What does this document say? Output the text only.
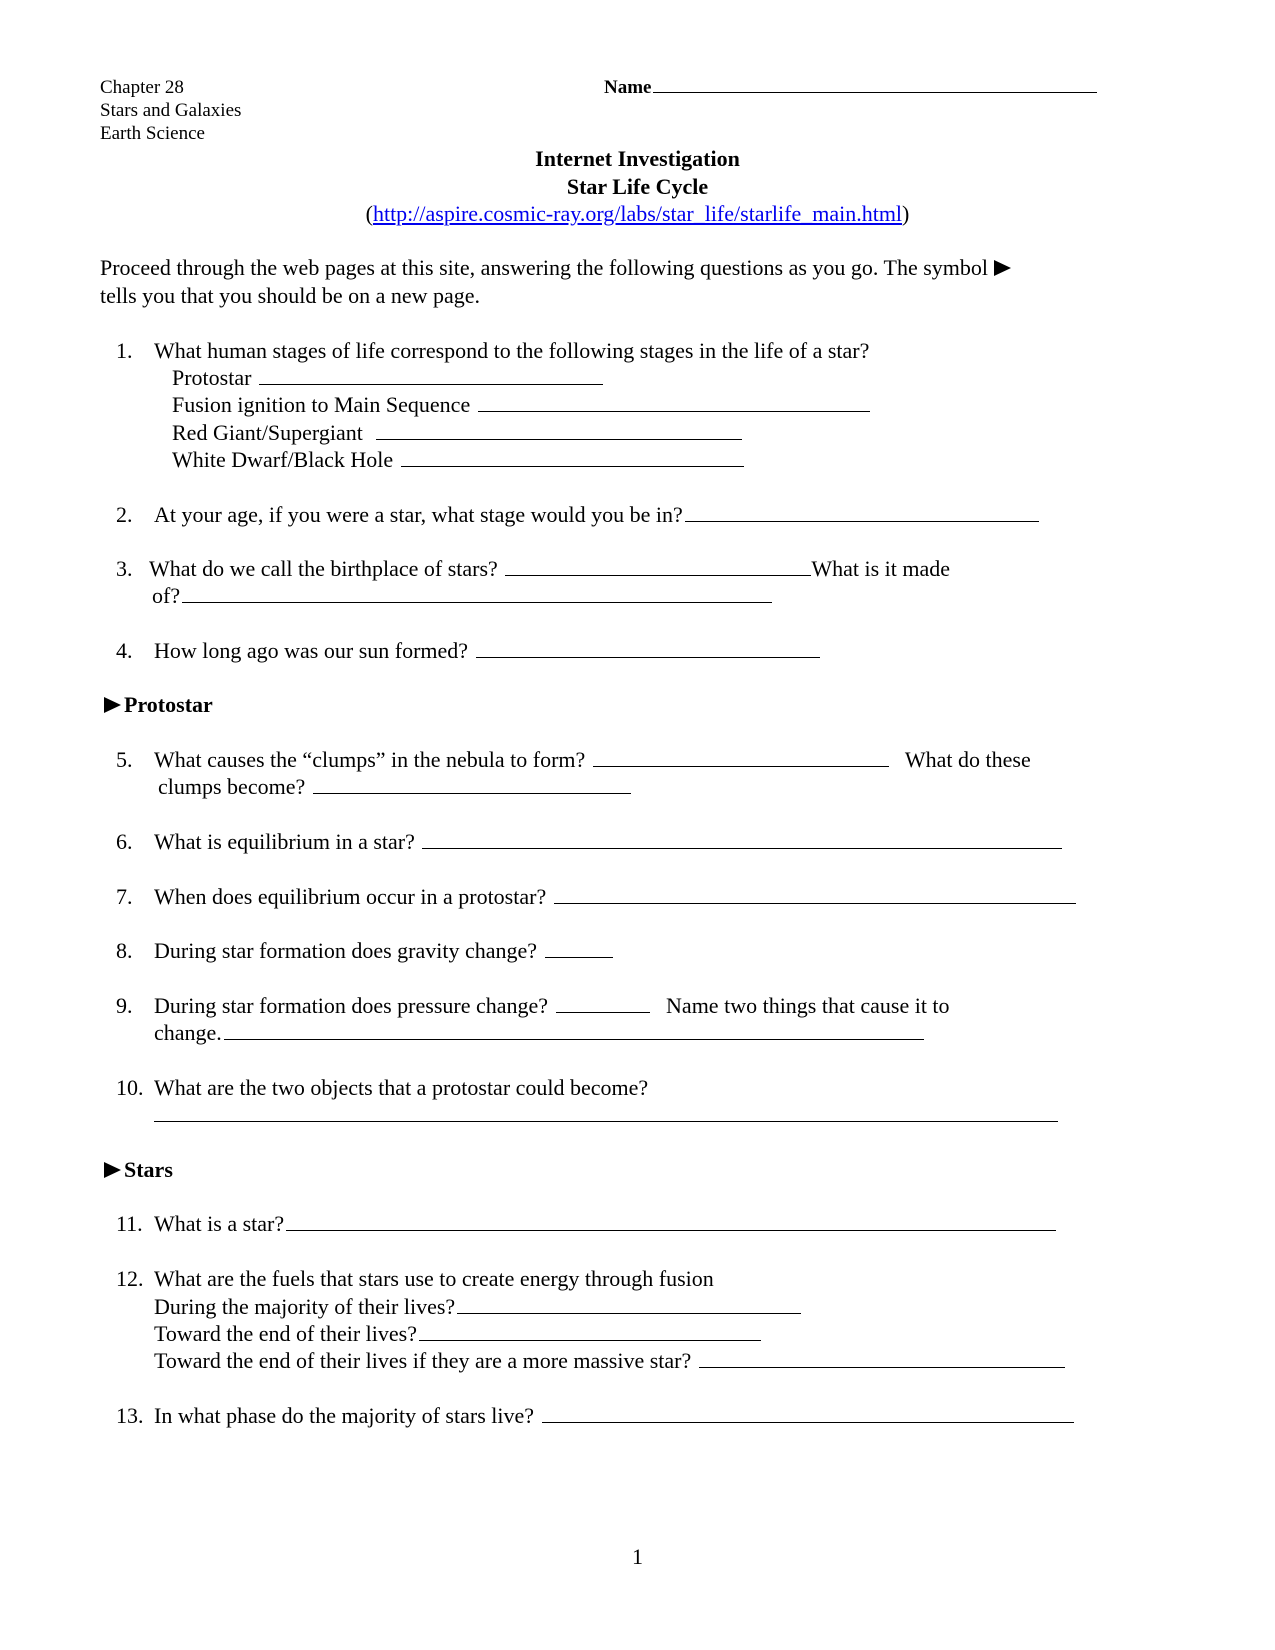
Chapter 28
Stars and Galaxies
Earth Science
Name
Internet Investigation
Star Life Cycle
(http://aspire.cosmic-ray.org/labs/star_life/starlife_main.html)
Proceed through the web pages at this site, answering the following questions as you go. The symbol
tells you that you should be on a new page.
1. What human stages of life correspond to the following stages in the life of a star?
Protostar
Fusion ignition to Main Sequence
Red Giant/Supergiant
White Dwarf/Black Hole
2. At your age, if you were a star, what stage would you be in?
3. What do we call the birthplace of stars?	What is it made
of?
4. How long ago was our sun formed?
Protostar
5. What causes the “clumps” in the nebula to form?	What do these
clumps become?
6. What is equilibrium in a star?
7. When does equilibrium occur in a protostar?
8. During star formation does gravity change?
9. During star formation does pressure change?	Name two things that cause it to
change.
10. What are the two objects that a protostar could become?
Stars
11. What is a star?
12. What are the fuels that stars use to create energy through fusion
During the majority of their lives?
Toward the end of their lives?
Toward the end of their lives if they are a more massive star?
13. In what phase do the majority of stars live?
1
